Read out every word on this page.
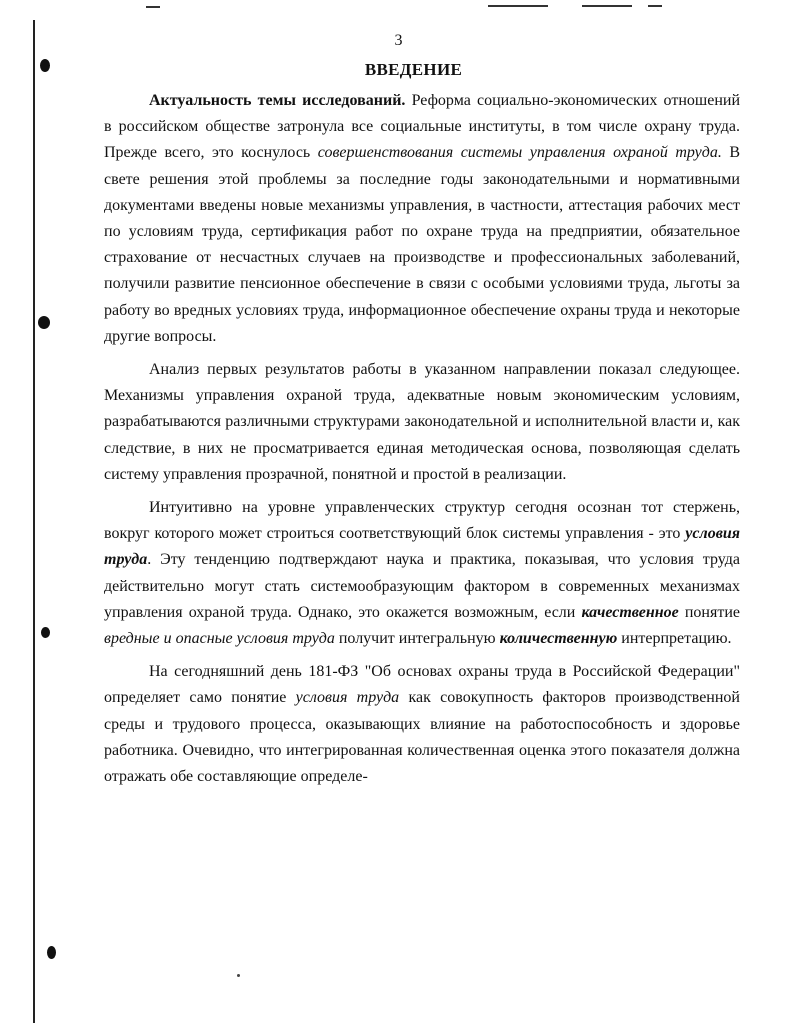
3
ВВЕДЕНИЕ

Актуальность темы исследований. Реформа социально-экономических отношений в российском обществе затронула все социальные институты, в том числе охрану труда. Прежде всего, это коснулось совершенствования системы управления охраной труда. В свете решения этой проблемы за последние годы законодательными и нормативными документами введены новые механизмы управления, в частности, аттестация рабочих мест по условиям труда, сертификация работ по охране труда на предприятии, обязательное страхование от несчастных случаев на производстве и профессиональных заболеваний, получили развитие пенсионное обеспечение в связи с особыми условиями труда, льготы за работу во вредных условиях труда, информационное обеспечение охраны труда и некоторые другие вопросы.

Анализ первых результатов работы в указанном направлении показал следующее. Механизмы управления охраной труда, адекватные новым экономическим условиям, разрабатываются различными структурами законодательной и исполнительной власти и, как следствие, в них не просматривается единая методическая основа, позволяющая сделать систему управления прозрачной, понятной и простой в реализации.

Интуитивно на уровне управленческих структур сегодня осознан тот стержень, вокруг которого может строиться соответствующий блок системы управления - это условия труда. Эту тенденцию подтверждают наука и практика, показывая, что условия труда действительно могут стать системообразующим фактором в современных механизмах управления охраной труда. Однако, это окажется возможным, если качественное понятие вредные и опасные условия труда получит интегральную количественную интерпретацию.

На сегодняшний день 181-ФЗ "Об основах охраны труда в Российской Федерации" определяет само понятие условия труда как совокупность факторов производственной среды и трудового процесса, оказывающих влияние на работоспособность и здоровье работника. Очевидно, что интегрированная количественная оценка этого показателя должна отражать обе составляющие определе-
